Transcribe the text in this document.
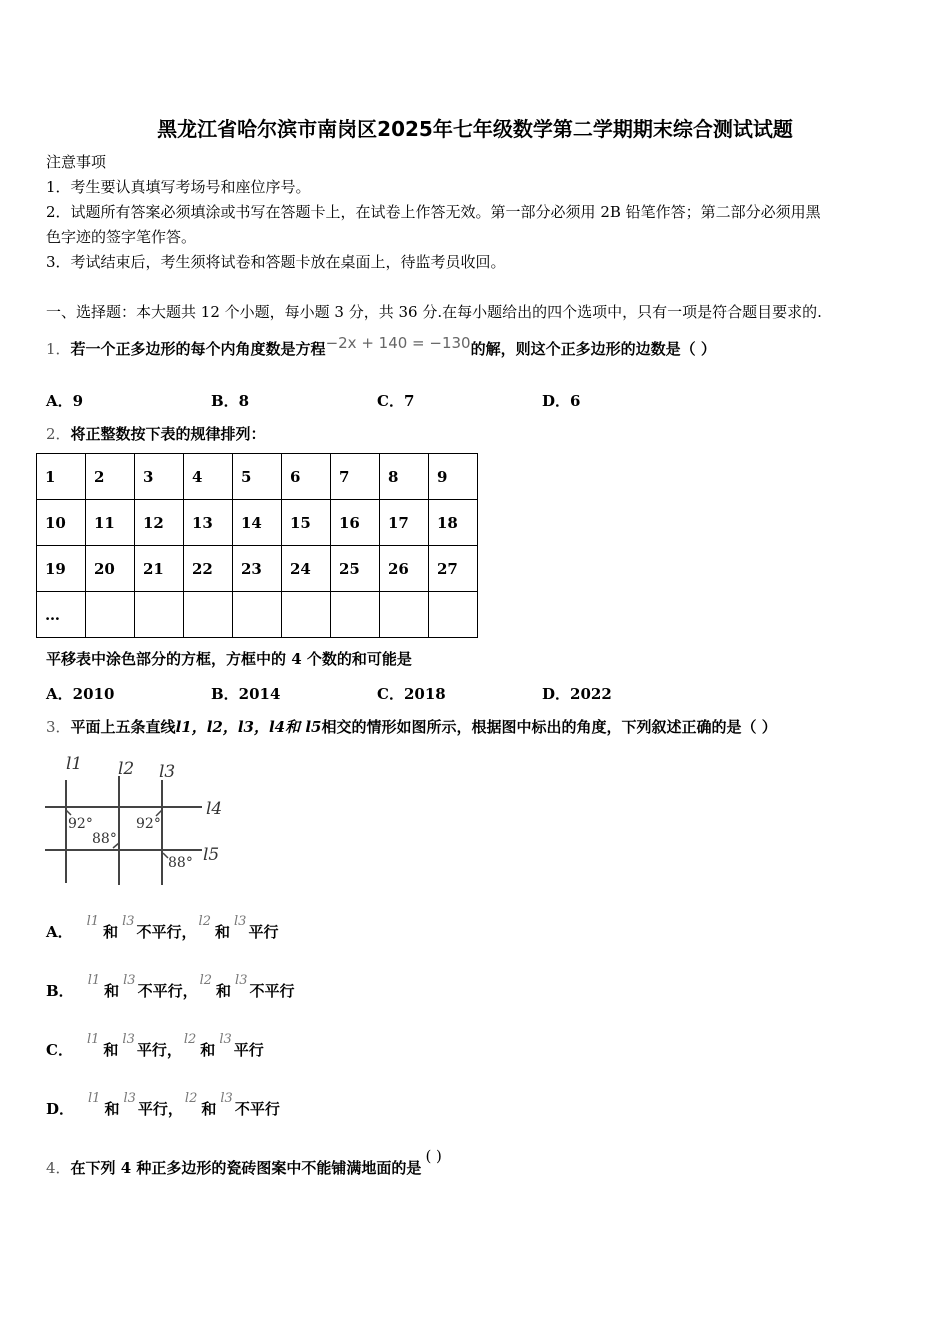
黑龙江省哈尔滨市南岗区2025年七年级数学第二学期期末综合测试试题
注意事项
1．考生要认真填写考场号和座位序号。
2．试题所有答案必须填涂或书写在答题卡上，在试卷上作答无效。第一部分必须用 2B 铅笔作答；第二部分必须用黑
色字迹的签字笔作答。
3．考试结束后，考生须将试卷和答题卡放在桌面上，待监考员收回。
一、选择题：本大题共 12 个小题，每小题 3 分，共 36 分.在每小题给出的四个选项中，只有一项是符合题目要求的.
1．若一个正多边形的每个内角度数是方程−2x + 140 = −130的解，则这个正多边形的边数是（ ）
A．9	B．8	C．7	D．6
2．将正整数按下表的规律排列：
1	2	3	4	5	6	7	8	9
10	11	12	13	14	15	16	17	18
19	20	21	22	23	24	25	26	27
…								
平移表中涂色部分的方框，方框中的 4 个数的和可能是
A．2010	B．2014	C．2018	D．2022
3．平面上五条直线l1，l2，l3，l4和 l5相交的情形如图所示，根据图中标出的角度，下列叙述正确的是（ ）
l1 l2 l3
l4
l5
92°
88°
92°
88°
A．l1和l3不平行，l2和l3平行
B．l1和l3不平行，l2和l3不平行
C．l1和l3平行，l2和l3平行
D．l1和l3平行，l2和l3不平行
4．在下列 4 种正多边形的瓷砖图案中不能铺满地面的是( )
